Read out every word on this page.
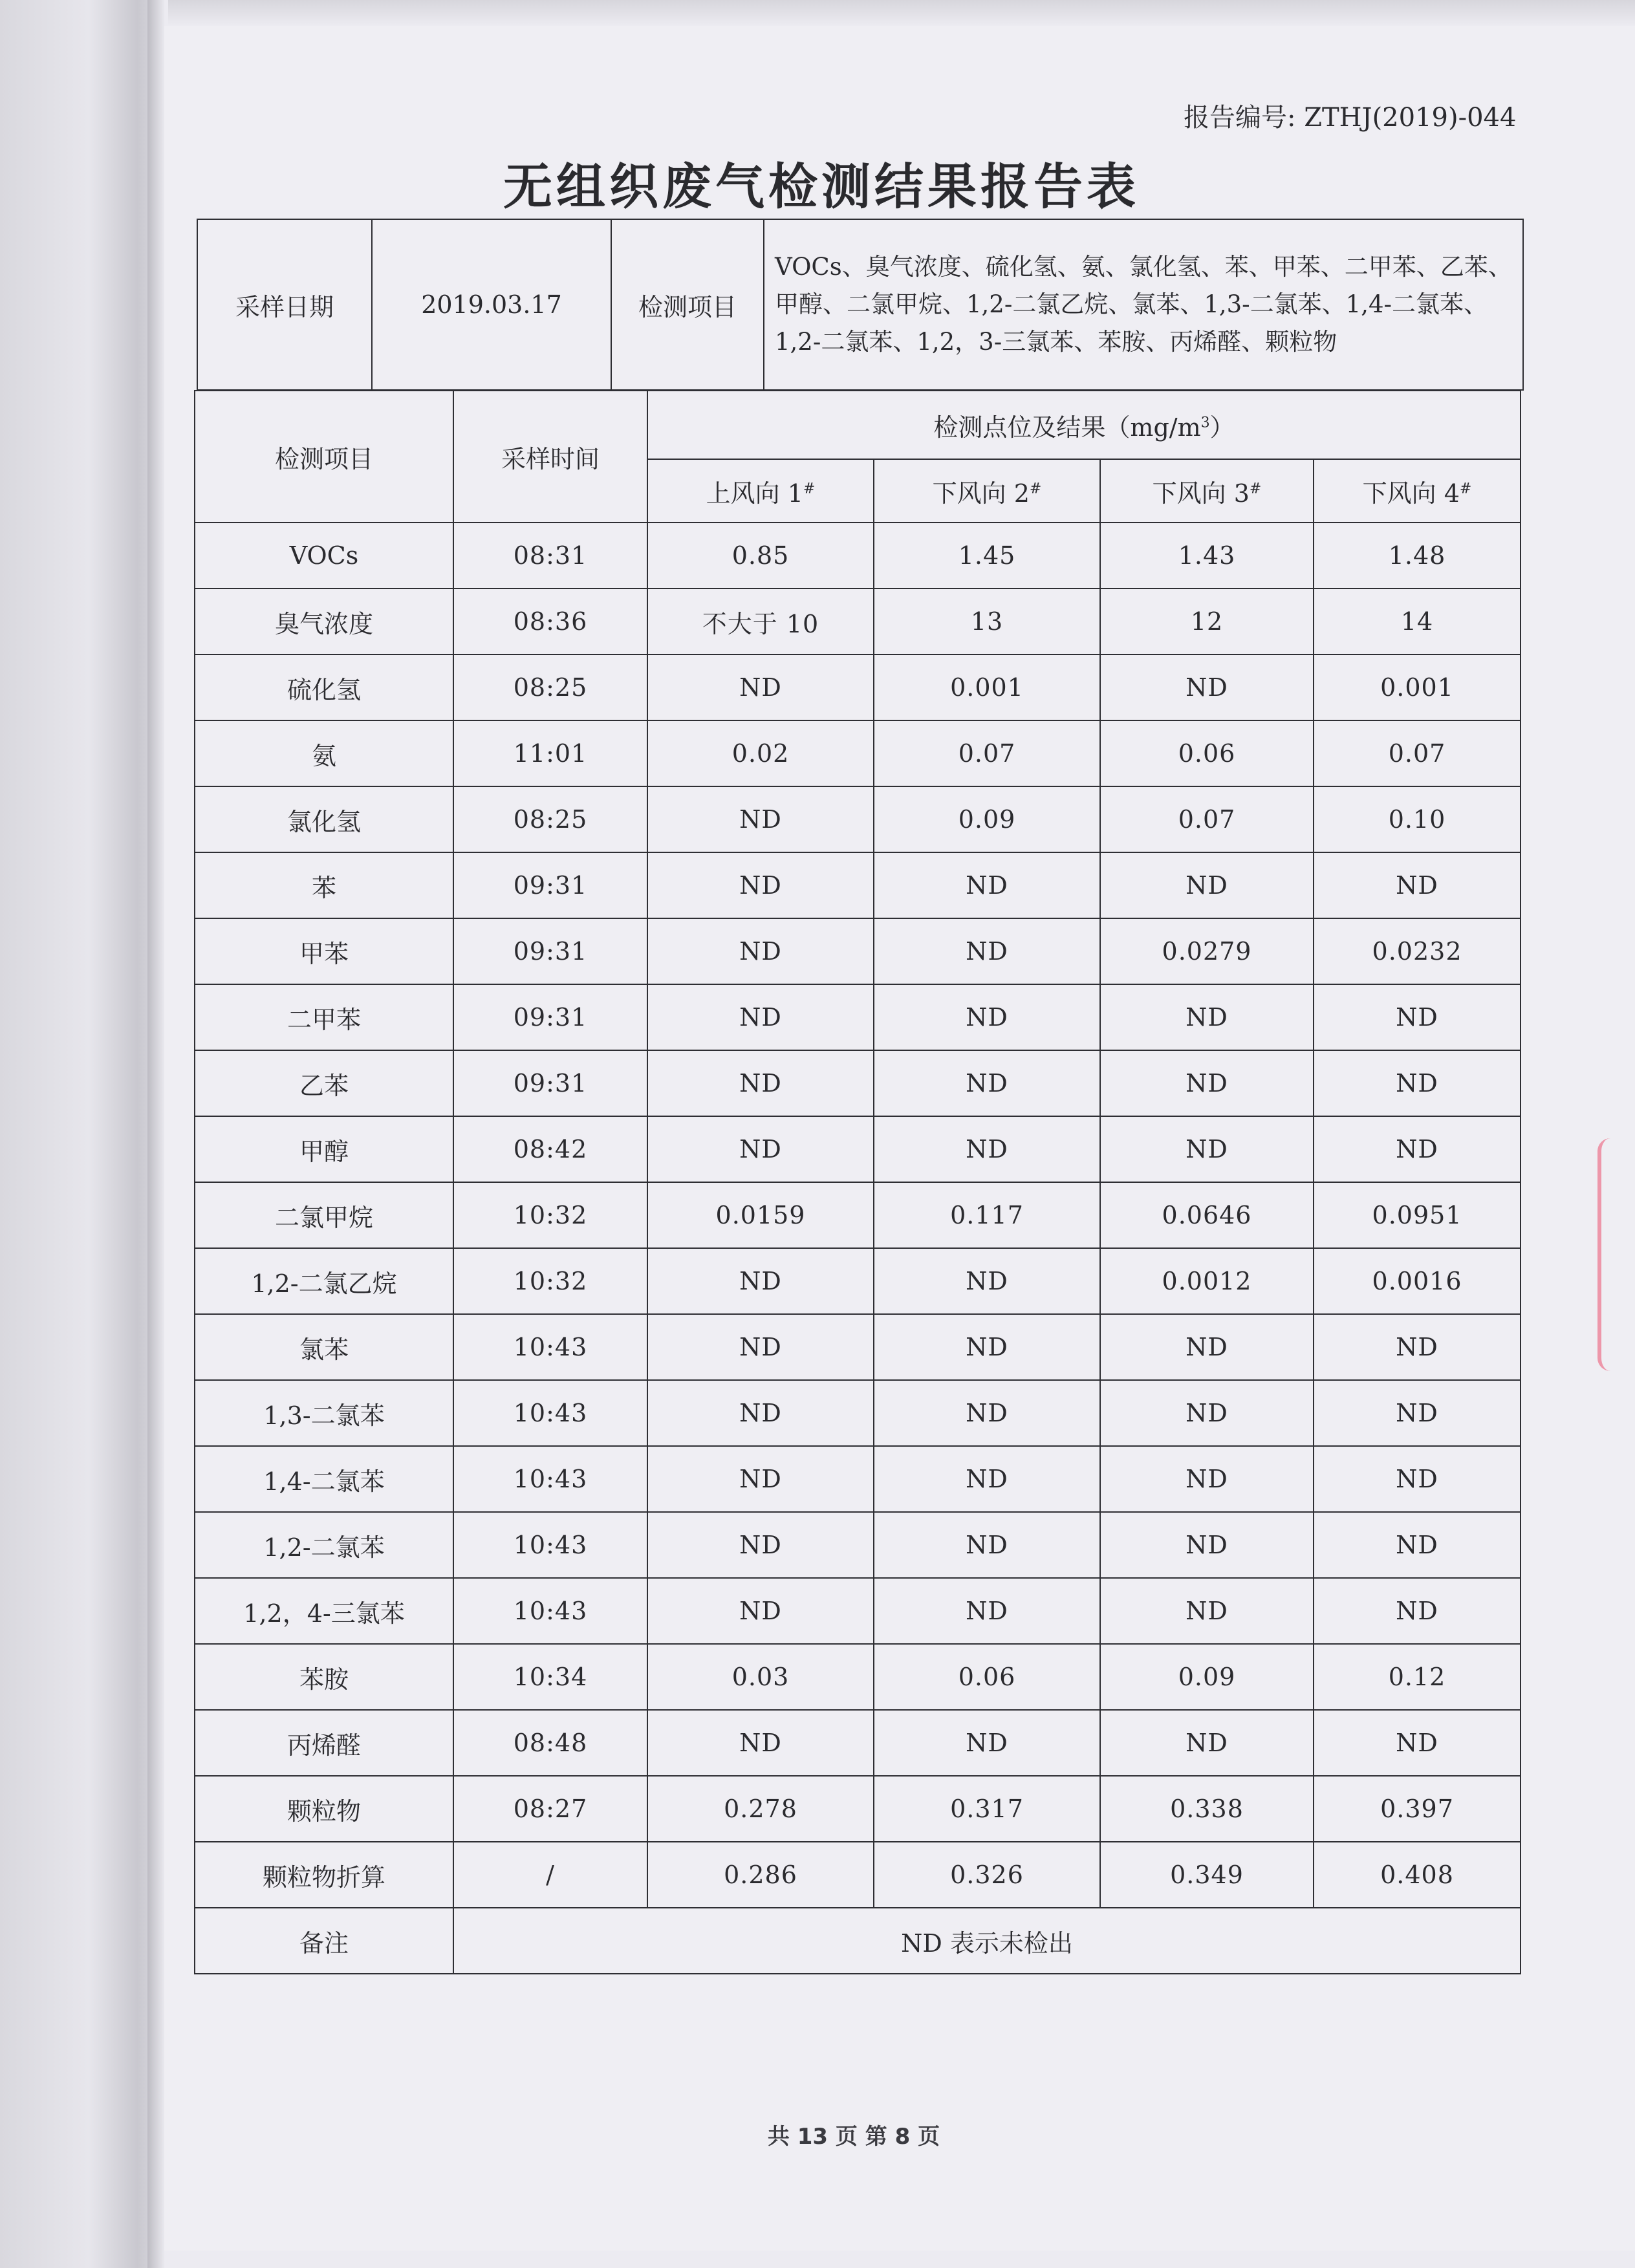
报告编号: ZTHJ(2019)-044
无组织废气检测结果报告表
采样日期	2019.03.17	检测项目	VOCs、臭气浓度、硫化氢、氨、氯化氢、苯、甲苯、二甲苯、乙苯、甲醇、二氯甲烷、1,2-二氯乙烷、氯苯、1,3-二氯苯、1,4-二氯苯、1,2-二氯苯、1,2，3-三氯苯、苯胺、丙烯醛、颗粒物
检测项目	采样时间	检测点位及结果$(mg/m^3)$			
		上风向 1#	下风向 2#	下风向 3#	下风向 4#
VOCs	08:31	0.85	1.45	1.43	1.48
臭气浓度	08:36	不大于 10	13	12	14
硫化氢	08:25	ND	0.001	ND	0.001
氨	11:01	0.02	0.07	0.06	0.07
氯化氢	08:25	ND	0.09	0.07	0.10
苯	09:31	ND	ND	ND	ND
甲苯	09:31	ND	ND	0.0279	0.0232
二甲苯	09:31	ND	ND	ND	ND
乙苯	09:31	ND	ND	ND	ND
甲醇	08:42	ND	ND	ND	ND
二氯甲烷	10:32	0.0159	0.117	0.0646	0.0951
1,2-二氯乙烷	10:32	ND	ND	0.0012	0.0016
氯苯	10:43	ND	ND	ND	ND
1,3-二氯苯	10:43	ND	ND	ND	ND
1,4-二氯苯	10:43	ND	ND	ND	ND
1,2-二氯苯	10:43	ND	ND	ND	ND
1,2，4-三氯苯	10:43	ND	ND	ND	ND
苯胺	10:34	0.03	0.06	0.09	0.12
丙烯醛	08:48	ND	ND	ND	ND
颗粒物	08:27	0.278	0.317	0.338	0.397
颗粒物折算	/	0.286	0.326	0.349	0.408
备注	ND 表示未检出				
共 13 页 第 8 页
